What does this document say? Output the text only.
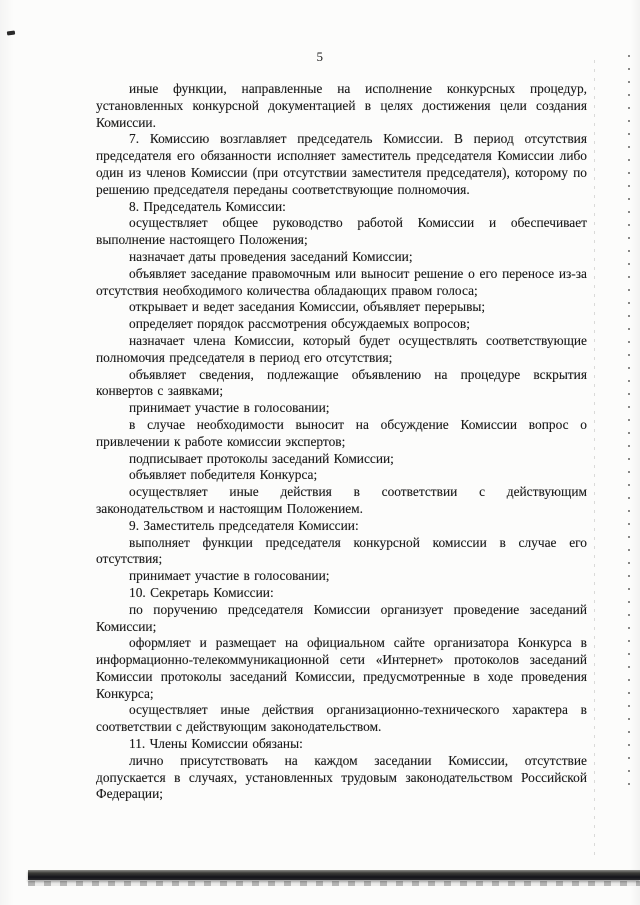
5

иные функции, направленные на исполнение конкурсных процедур, установленных конкурсной документацией в целях достижения цели создания Комиссии.

7. Комиссию возглавляет председатель Комиссии. В период отсутствия председателя его обязанности исполняет заместитель председателя Комиссии либо один из членов Комиссии (при отсутствии заместителя председателя), которому по решению председателя переданы соответствующие полномочия.

8. Председатель Комиссии:

осуществляет общее руководство работой Комиссии и обеспечивает выполнение настоящего Положения;

назначает даты проведения заседаний Комиссии;

объявляет заседание правомочным или выносит решение о его переносе из-за отсутствия необходимого количества обладающих правом голоса;

открывает и ведет заседания Комиссии, объявляет перерывы;

определяет порядок рассмотрения обсуждаемых вопросов;

назначает члена Комиссии, который будет осуществлять соответствующие полномочия председателя в период его отсутствия;

объявляет сведения, подлежащие объявлению на процедуре вскрытия конвертов с заявками;

принимает участие в голосовании;

в случае необходимости выносит на обсуждение Комиссии вопрос о привлечении к работе комиссии экспертов;

подписывает протоколы заседаний Комиссии;

объявляет победителя Конкурса;

осуществляет иные действия в соответствии с действующим законодательством и настоящим Положением.

9. Заместитель председателя Комиссии:

выполняет функции председателя конкурсной комиссии в случае его отсутствия;

принимает участие в голосовании;

10. Секретарь Комиссии:

по поручению председателя Комиссии организует проведение заседаний Комиссии;

оформляет и размещает на официальном сайте организатора Конкурса в информационно-телекоммуникационной сети «Интернет» протоколов заседаний Комиссии протоколы заседаний Комиссии, предусмотренные в ходе проведения Конкурса;

осуществляет иные действия организационно-технического характера в соответствии с действующим законодательством.

11. Члены Комиссии обязаны:

лично присутствовать на каждом заседании Комиссии, отсутствие допускается в случаях, установленных трудовым законодательством Российской Федерации;
